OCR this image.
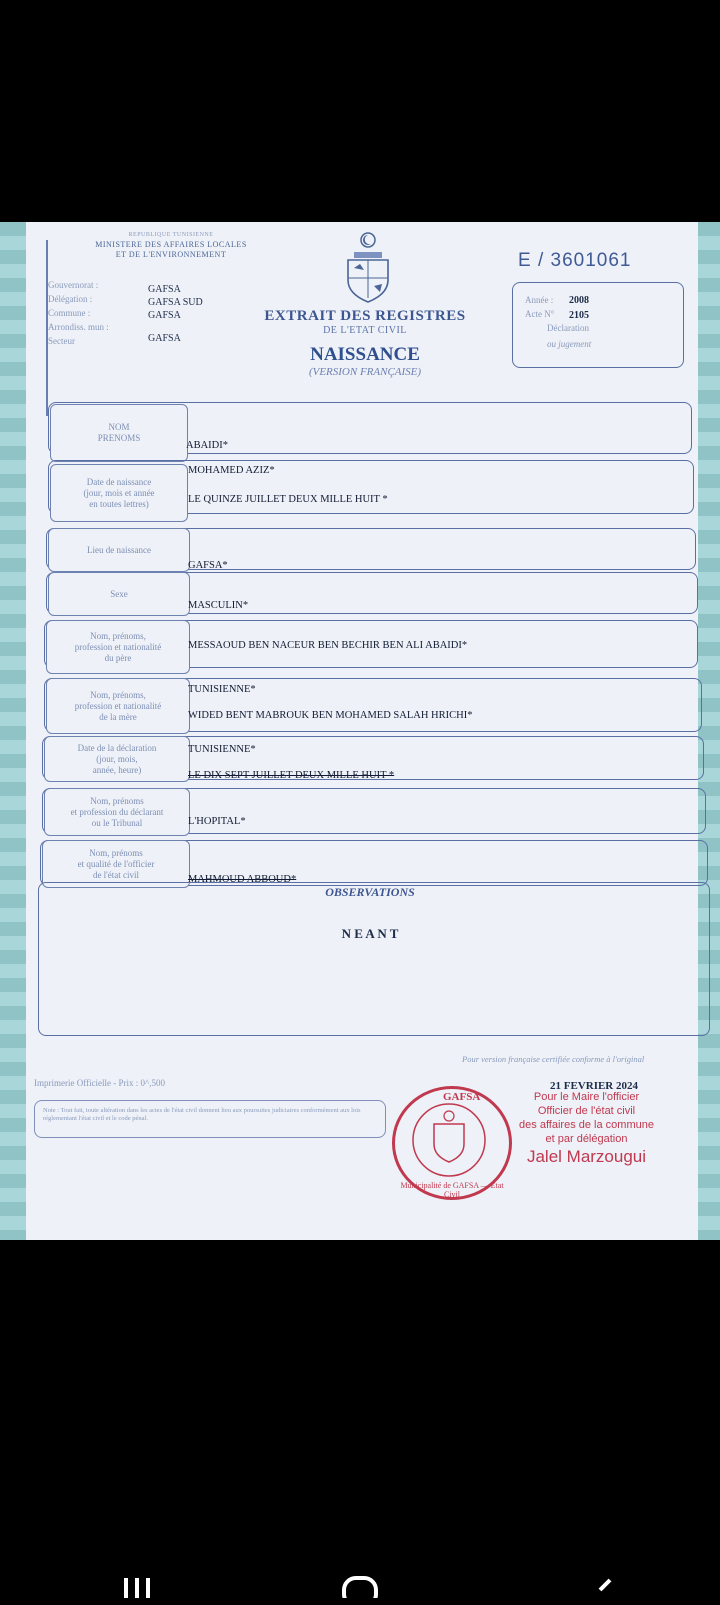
REPUBLIQUE TUNISIENNE
MINISTERE DES AFFAIRES LOCALES
ET DE L'ENVIRONNEMENT
Gouvernorat :
Délégation :
Commune :
Arrondiss. mun :
Secteur
GAFSA
GAFSA SUD
GAFSA
GAFSA
EXTRAIT DES REGISTRES
DE L'ETAT CIVIL
NAISSANCE
(VERSION FRANÇAISE)
E / 3601061
Année : 2008
Acte N° 2105
Déclaration
ou jugement
NOM
PRENOMS
ABAIDI*
Date de naissance
(jour, mois et année
en toutes lettres)
MOHAMED AZIZ*
LE QUINZE JUILLET DEUX MILLE HUIT *
Lieu de naissance
GAFSA*
Sexe
MASCULIN*
Nom, prénoms,
profession et nationalité
du père
MESSAOUD BEN NACEUR BEN BECHIR BEN ALI ABAIDI*
Nom, prénoms,
profession et nationalité
de la mère
TUNISIENNE*
WIDED BENT MABROUK BEN MOHAMED SALAH HRICHI*
Date de la déclaration
(jour, mois,
année, heure)
TUNISIENNE*
LE DIX SEPT JUILLET DEUX MILLE HUIT *
Nom, prénoms
et profession du déclarant
ou le Tribunal	L'HOPITAL*
Nom, prénoms
et qualité de l'officier
de l'état civil	MAHMOUD ABBOUD*
OBSERVATIONS
N E A N T
Pour version française certifiée conforme à l'original
Imprimerie Officielle - Prix : 0^,500
Note : Tout fait, toute altération dans les actes de l'état civil donnent lieu aux poursuites judiciaires conformément aux lois réglementant l'état civil et le code pénal.
GAFSA
Municipalité de GAFSA — Etat Civil
21 FEVRIER 2024
Pour le Maire l'officier
Officier de l'état civil
des affaires de la commune
et par délégation
Jalel Marzougui
